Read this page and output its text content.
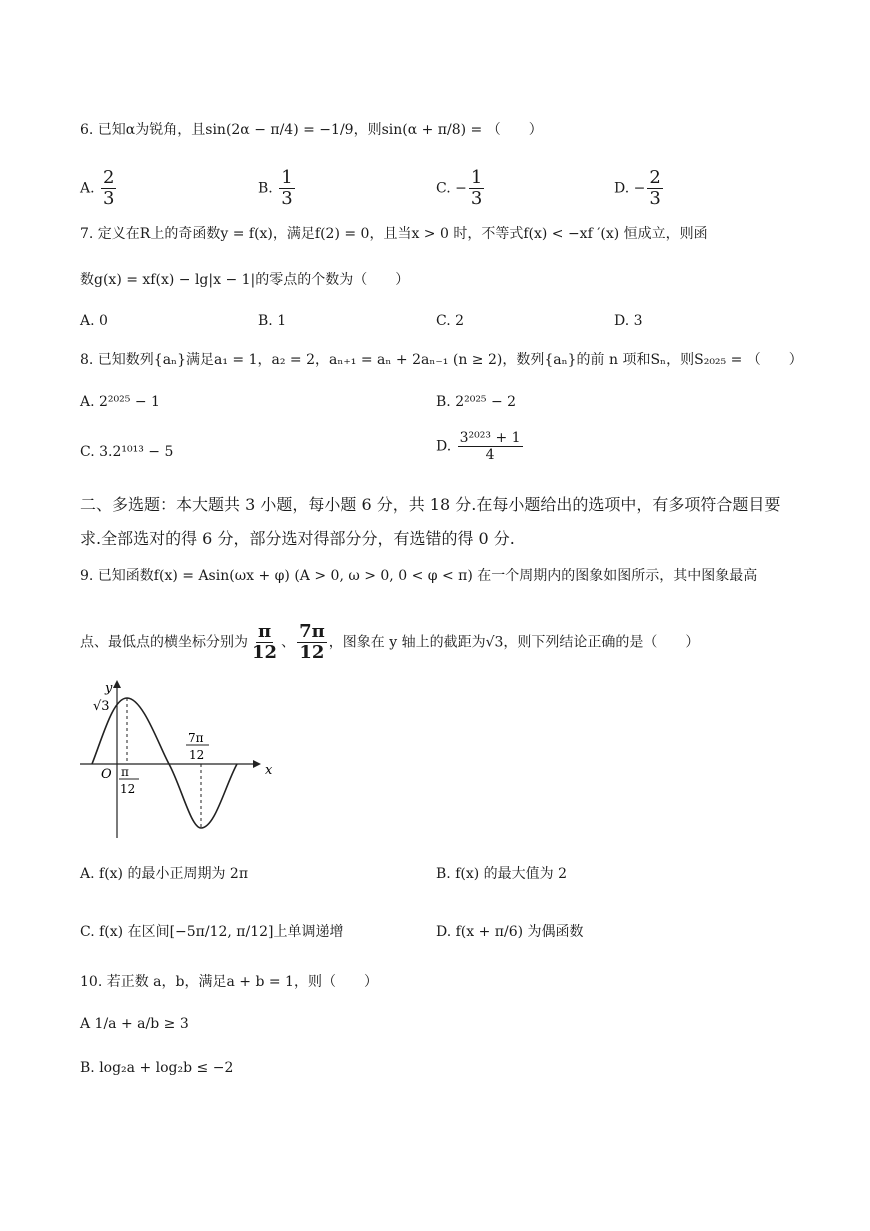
6. 已知α为锐角，且sin(2α − π/4) = −1/9，则sin(α + π/8) = （　　）
A. $\frac{2}{3}$	B. $\frac{1}{3}$	C. − $\frac{1}{3}$	D. − $\frac{2}{3}$
7. 定义在R上的奇函数y = f(x)，满足f(2) = 0，且当x > 0 时，不等式f(x) < −xf ′(x) 恒成立，则函
数g(x) = xf(x) − lg|x − 1|的零点的个数为（　　）
A. 0	B. 1	C. 2	D. 3
8. 已知数列{aₙ}满足a₁ = 1，a₂ = 2，aₙ₊₁ = aₙ + 2aₙ₋₁ (n ≥ 2)，数列{aₙ}的前 n 项和Sₙ，则S₂₀₂₅ = （　　）
A. 2²⁰²⁵ − 1	B. 2²⁰²⁵ − 2
C. 3.2¹⁰¹³ − 5	D. $\frac{\text{3²⁰²³ + 1}}{4}$
二、多选题：本大题共 3 小题，每小题 6 分，共 18 分.在每小题给出的选项中，有多项符合题目要求.全部选对的得 6 分，部分选对得部分分，有选错的得 0 分.
9. 已知函数f(x) = Asin(ωx + φ) (A > 0, ω > 0, 0 < φ < π) 在一个周期内的图象如图所示，其中图象最高
点、最低点的横坐标分别为 $\frac{\pi}{12}$ 、 $\frac{7\pi}{12}$ ，图象在 y 轴上的截距为√3，则下列结论正确的是（　　）
y
x
O
√3
π
12
7π
12
A. f(x) 的最小正周期为 2π	B. f(x) 的最大值为 2
C. f(x) 在区间[−5π/12, π/12]上单调递增	D. f(x + π/6) 为偶函数
10. 若正数 a，b，满足a + b = 1，则（　　）
A 1/a + a/b ≥ 3
B. log₂a + log₂b ≤ −2
